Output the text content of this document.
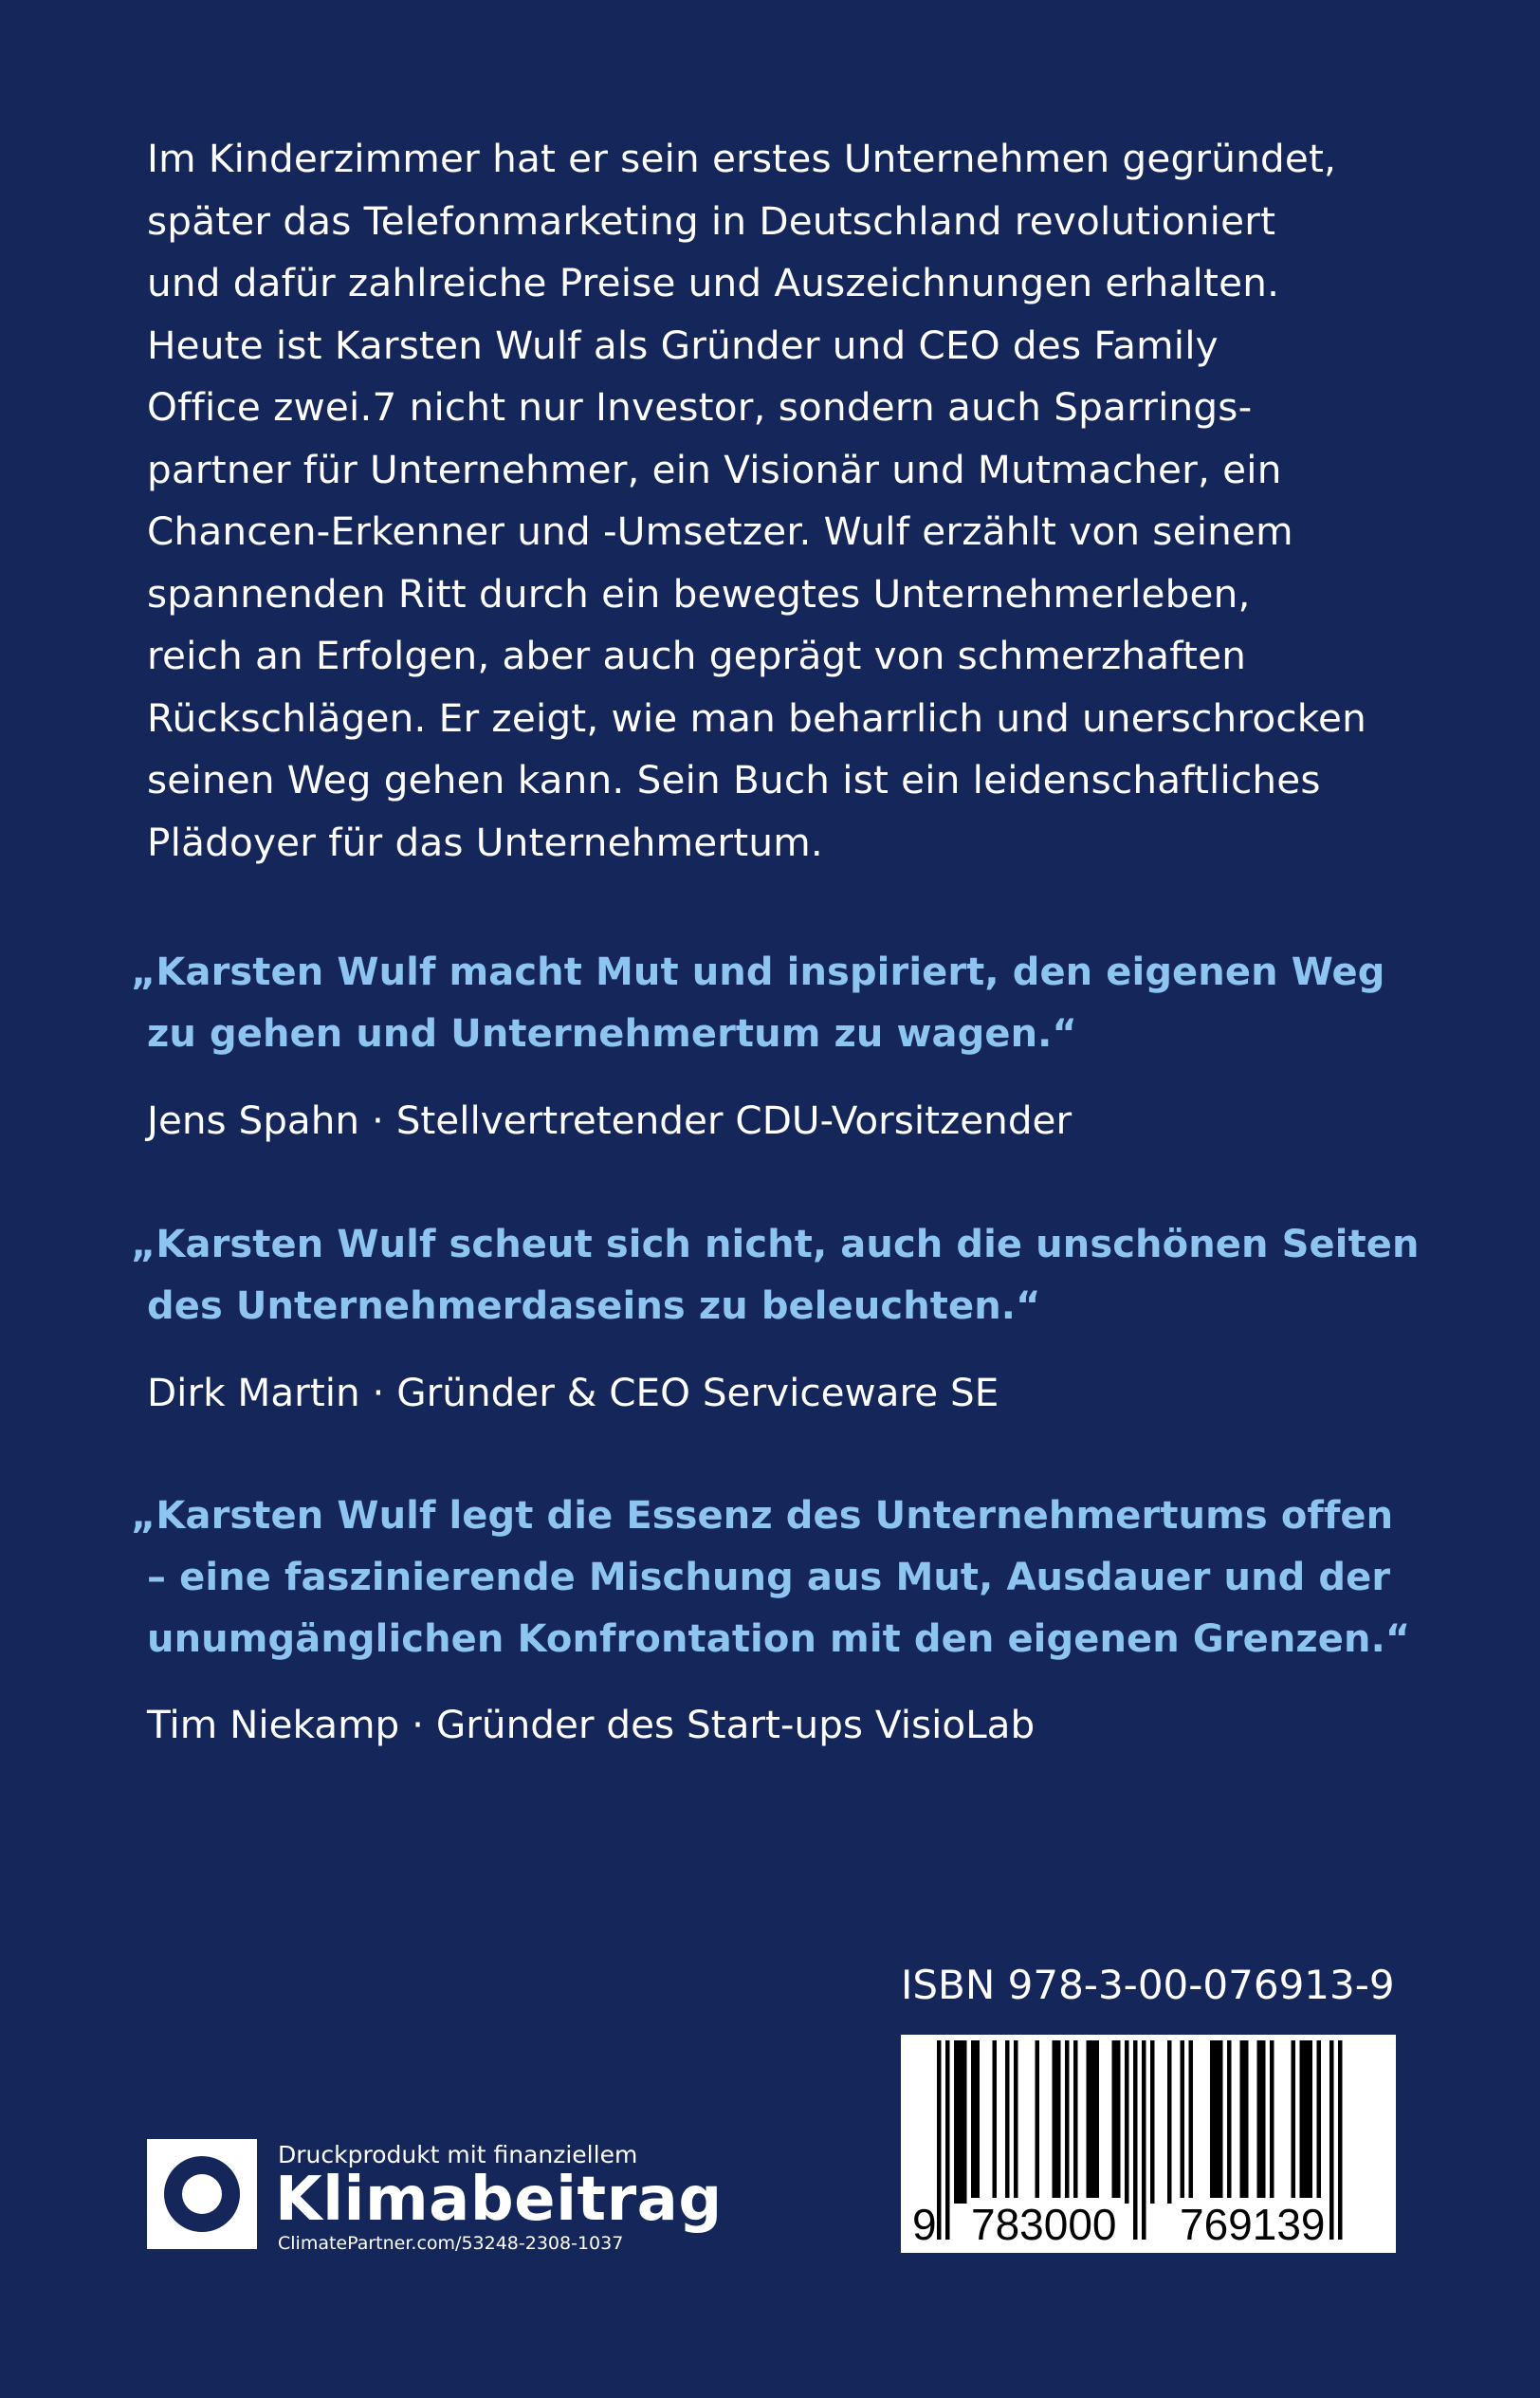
Im Kinderzimmer hat er sein erstes Unternehmen gegründet,
später das Telefonmarketing in Deutschland revolutioniert
und dafür zahlreiche Preise und Auszeichnungen erhalten.
Heute ist Karsten Wulf als Gründer und CEO des Family
Office zwei.7 nicht nur Investor, sondern auch Sparrings-
partner für Unternehmer, ein Visionär und Mutmacher, ein
Chancen-Erkenner und -Umsetzer. Wulf erzählt von seinem
spannenden Ritt durch ein bewegtes Unternehmerleben,
reich an Erfolgen, aber auch geprägt von schmerzhaften
Rückschlägen. Er zeigt, wie man beharrlich und unerschrocken
seinen Weg gehen kann. Sein Buch ist ein leidenschaftliches
Plädoyer für das Unternehmertum.

„Karsten Wulf macht Mut und inspiriert, den eigenen Weg
zu gehen und Unternehmertum zu wagen.“

Jens Spahn · Stellvertretender CDU-Vorsitzender

„Karsten Wulf scheut sich nicht, auch die unschönen Seiten
des Unternehmerdaseins zu beleuchten.“

Dirk Martin · Gründer & CEO Serviceware SE

„Karsten Wulf legt die Essenz des Unternehmertums offen
– eine faszinierende Mischung aus Mut, Ausdauer und der
unumgänglichen Konfrontation mit den eigenen Grenzen.“

Tim Niekamp · Gründer des Start-ups VisioLab

ISBN 978-3-00-076913-9
9 783000 769139
Druckprodukt mit finanziellem
Klimabeitrag
ClimatePartner.com/53248-2308-1037
